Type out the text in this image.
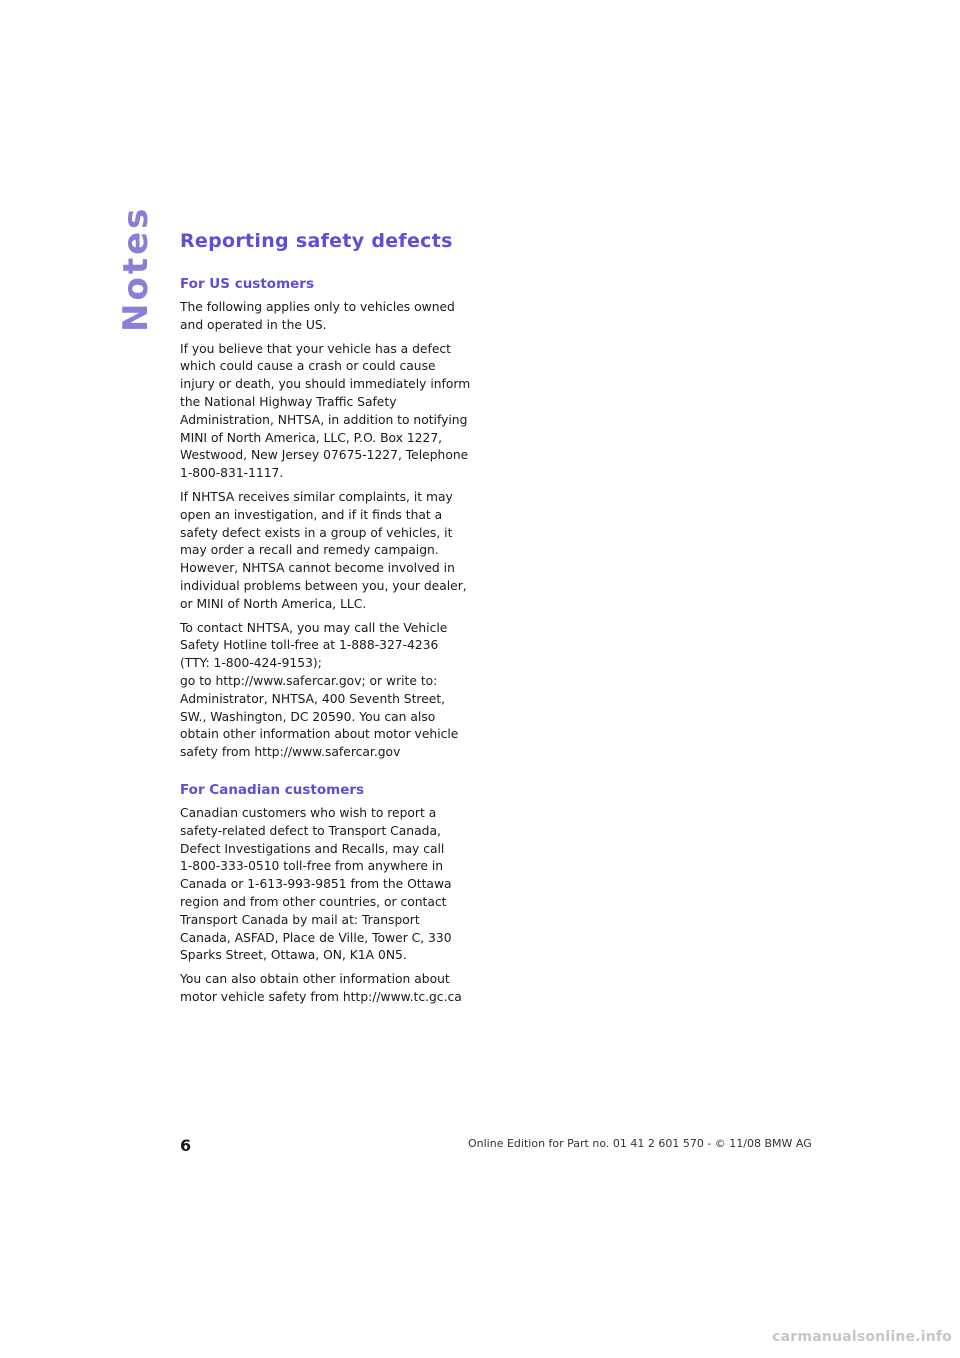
Notes Reporting safety defects
For US customers

The following applies only to vehicles owned and operated in the US.

If you believe that your vehicle has a defect which could cause a crash or could cause injury or death, you should immediately inform the National Highway Traffic Safety Administration, NHTSA, in addition to notifying MINI of North America, LLC, P.O. Box 1227, Westwood, New Jersey 07675-1227, Telephone 1-800-831-1117.

If NHTSA receives similar complaints, it may open an investigation, and if it finds that a safety defect exists in a group of vehicles, it may order a recall and remedy campaign. However, NHTSA cannot become involved in individual problems between you, your dealer, or MINI of North America, LLC.

To contact NHTSA, you may call the Vehicle Safety Hotline toll-free at 1-888-327-4236
(TTY: 1-800-424-9153);
go to http://www.safercar.gov; or write to: Administrator, NHTSA, 400 Seventh Street, SW., Washington, DC 20590. You can also obtain other information about motor vehicle safety from http://www.safercar.gov

For Canadian customers

Canadian customers who wish to report a safety-related defect to Transport Canada, Defect Investigations and Recalls, may call
1-800-333-0510 toll-free from anywhere in Canada or 1-613-993-9851 from the Ottawa region and from other countries, or contact Transport Canada by mail at: Transport Canada, ASFAD, Place de Ville, Tower C, 330 Sparks Street, Ottawa, ON, K1A 0N5.

You can also obtain other information about motor vehicle safety from http://www.tc.gc.ca

6	Online Edition for Part no. 01 41 2 601 570 - © 11/08 BMW AG
carmanualsonline.info
